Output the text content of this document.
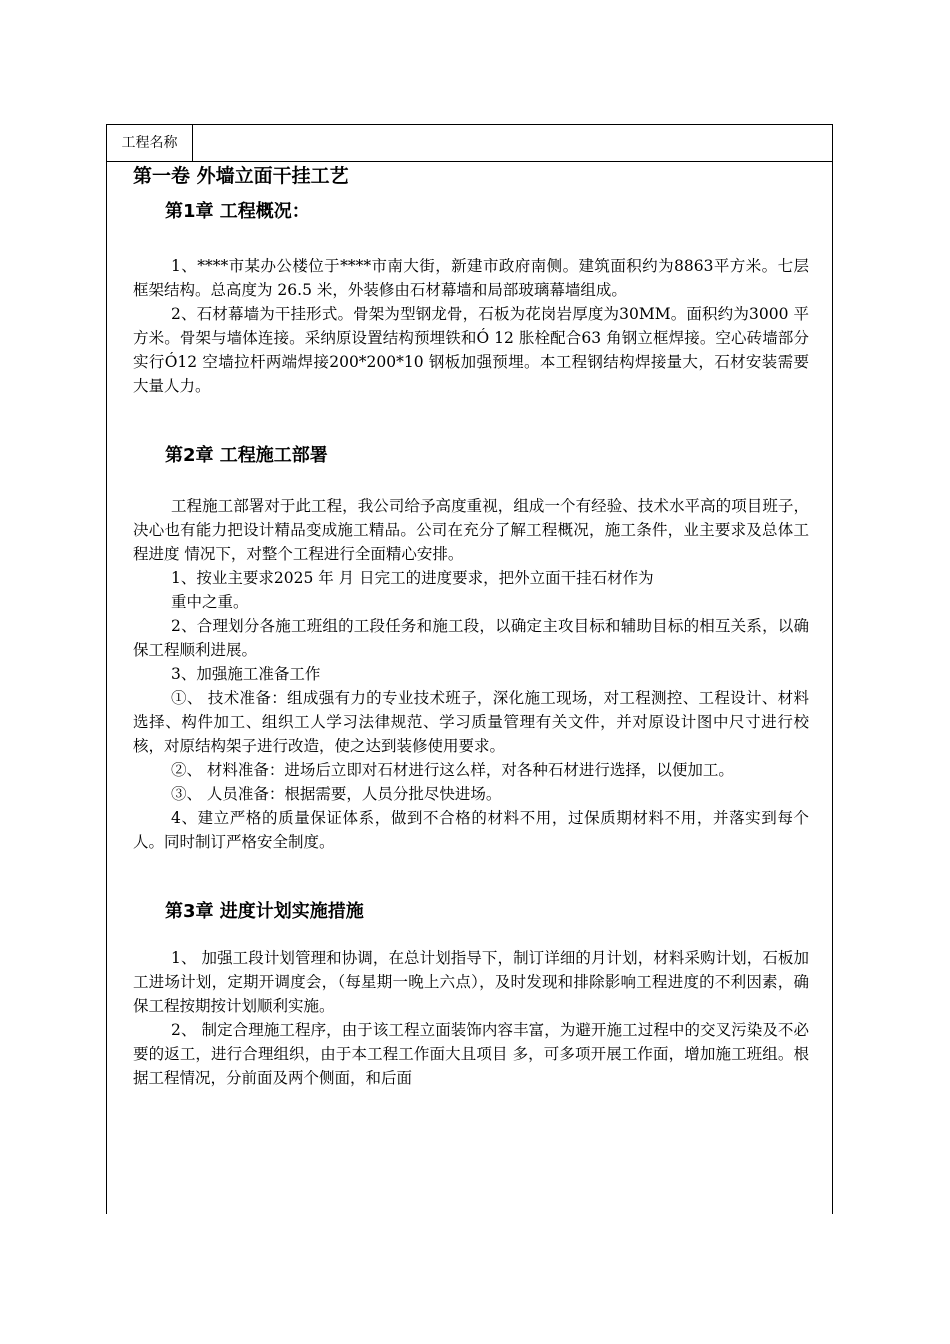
工程名称
第一卷 外墙立面干挂工艺
第1章 工程概况：

1、****市某办公楼位于****市南大街，新建市政府南侧。建筑面积约为8863平方米。七层框架结构。总高度为 26.5 米，外装修由石材幕墙和局部玻璃幕墙组成。

2、石材幕墙为干挂形式。骨架为型钢龙骨，石板为花岗岩厚度为30MM。面积约为3000 平方米。骨架与墙体连接。采纳原设置结构预埋铁和Ó 12 胀栓配合63 角钢立框焊接。空心砖墙部分实行Ó12 空墙拉杆两端焊接200*200*10 钢板加强预埋。本工程钢结构焊接量大，石材安装需要大量人力。

第2章 工程施工部署

工程施工部署对于此工程，我公司给予高度重视，组成一个有经验、技术水平高的项目班子，决心也有能力把设计精品变成施工精品。公司在充分了解工程概况，施工条件，业主要求及总体工程进度 情况下，对整个工程进行全面精心安排。

1、按业主要求2025 年 月 日完工的进度要求，把外立面干挂石材作为

重中之重。

2、合理划分各施工班组的工段任务和施工段，以确定主攻目标和辅助目标的相互关系，以确保工程顺利进展。

3、加强施工准备工作

①、 技术准备：组成强有力的专业技术班子，深化施工现场，对工程测控、工程设计、材料选择、构件加工、组织工人学习法律规范、学习质量管理有关文件，并对原设计图中尺寸进行校核，对原结构架子进行改造，使之达到装修使用要求。

②、 材料准备：进场后立即对石材进行这么样，对各种石材进行选择，以便加工。

③、 人员准备：根据需要，人员分批尽快进场。

4、建立严格的质量保证体系，做到不合格的材料不用，过保质期材料不用，并落实到每个人。同时制订严格安全制度。

第3章 进度计划实施措施

1、 加强工段计划管理和协调，在总计划指导下，制订详细的月计划，材料采购计划，石板加工进场计划，定期开调度会，（每星期一晚上六点），及时发现和排除影响工程进度的不利因素，确保工程按期按计划顺利实施。

2、 制定合理施工程序，由于该工程立面装饰内容丰富，为避开施工过程中的交叉污染及不必要的返工，进行合理组织，由于本工程工作面大且项目 多，可多项开展工作面，增加施工班组。根据工程情况，分前面及两个侧面，和后面
